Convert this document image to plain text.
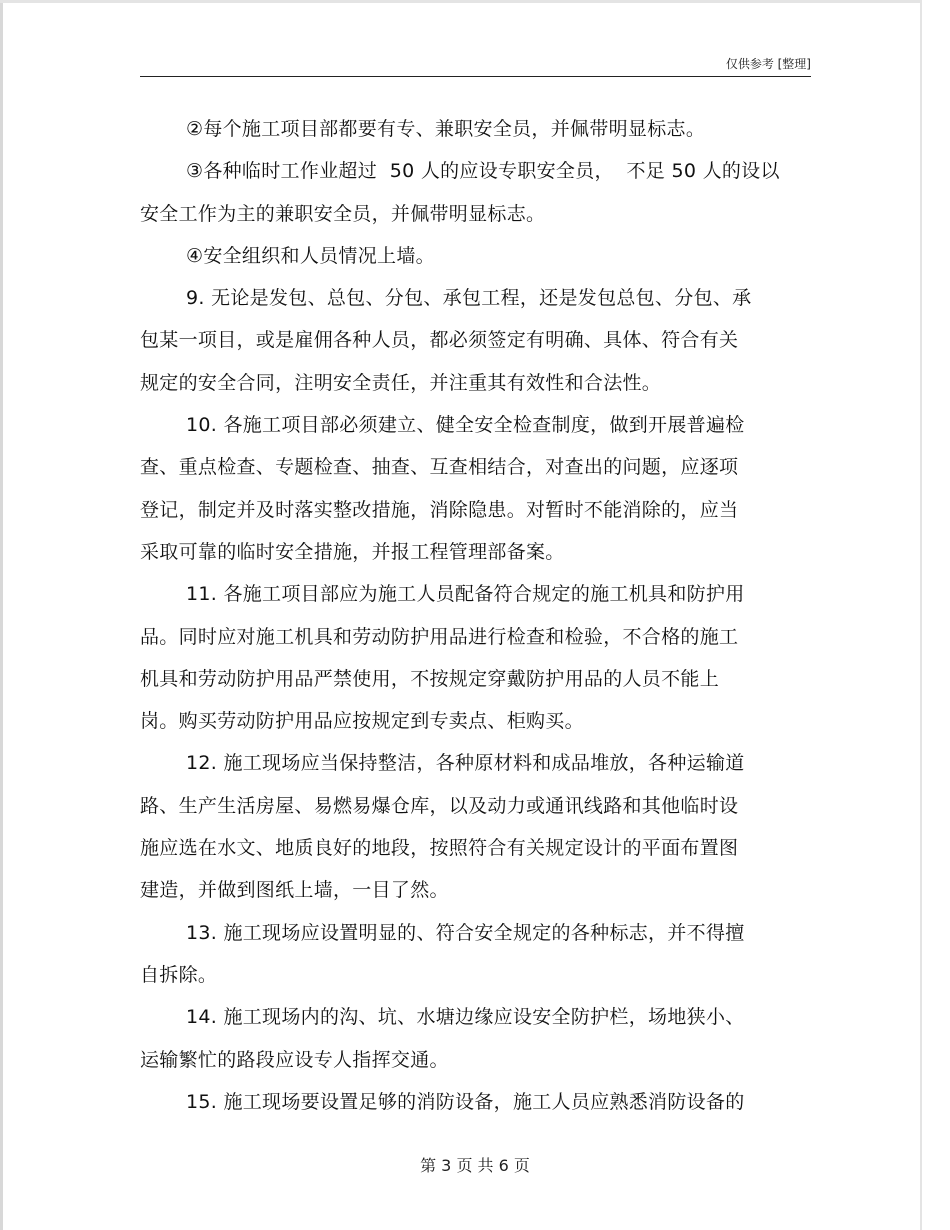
仅供参考 [整理]
②每个施工项目部都要有专、兼职安全员，并佩带明显标志。
③各种临时工作业超过  50 人的应设专职安全员，  不足 50 人的设以
安全工作为主的兼职安全员，并佩带明显标志。
④安全组织和人员情况上墙。
9. 无论是发包、总包、分包、承包工程，还是发包总包、分包、承
包某一项目，或是雇佣各种人员，都必须签定有明确、具体、符合有关
规定的安全合同，注明安全责任，并注重其有效性和合法性。
10. 各施工项目部必须建立、健全安全检查制度，做到开展普遍检
查、重点检查、专题检查、抽查、互查相结合，对查出的问题，应逐项
登记，制定并及时落实整改措施，消除隐患。对暂时不能消除的，应当
采取可靠的临时安全措施，并报工程管理部备案。
11. 各施工项目部应为施工人员配备符合规定的施工机具和防护用
品。同时应对施工机具和劳动防护用品进行检查和检验，不合格的施工
机具和劳动防护用品严禁使用，不按规定穿戴防护用品的人员不能上
岗。购买劳动防护用品应按规定到专卖点、柜购买。
12. 施工现场应当保持整洁，各种原材料和成品堆放，各种运输道
路、生产生活房屋、易燃易爆仓库，以及动力或通讯线路和其他临时设
施应选在水文、地质良好的地段，按照符合有关规定设计的平面布置图
建造，并做到图纸上墙，一目了然。
13. 施工现场应设置明显的、符合安全规定的各种标志，并不得擅
自拆除。
14. 施工现场内的沟、坑、水塘边缘应设安全防护栏，场地狭小、
运输繁忙的路段应设专人指挥交通。
15. 施工现场要设置足够的消防设备，施工人员应熟悉消防设备的
第 3 页 共 6 页
